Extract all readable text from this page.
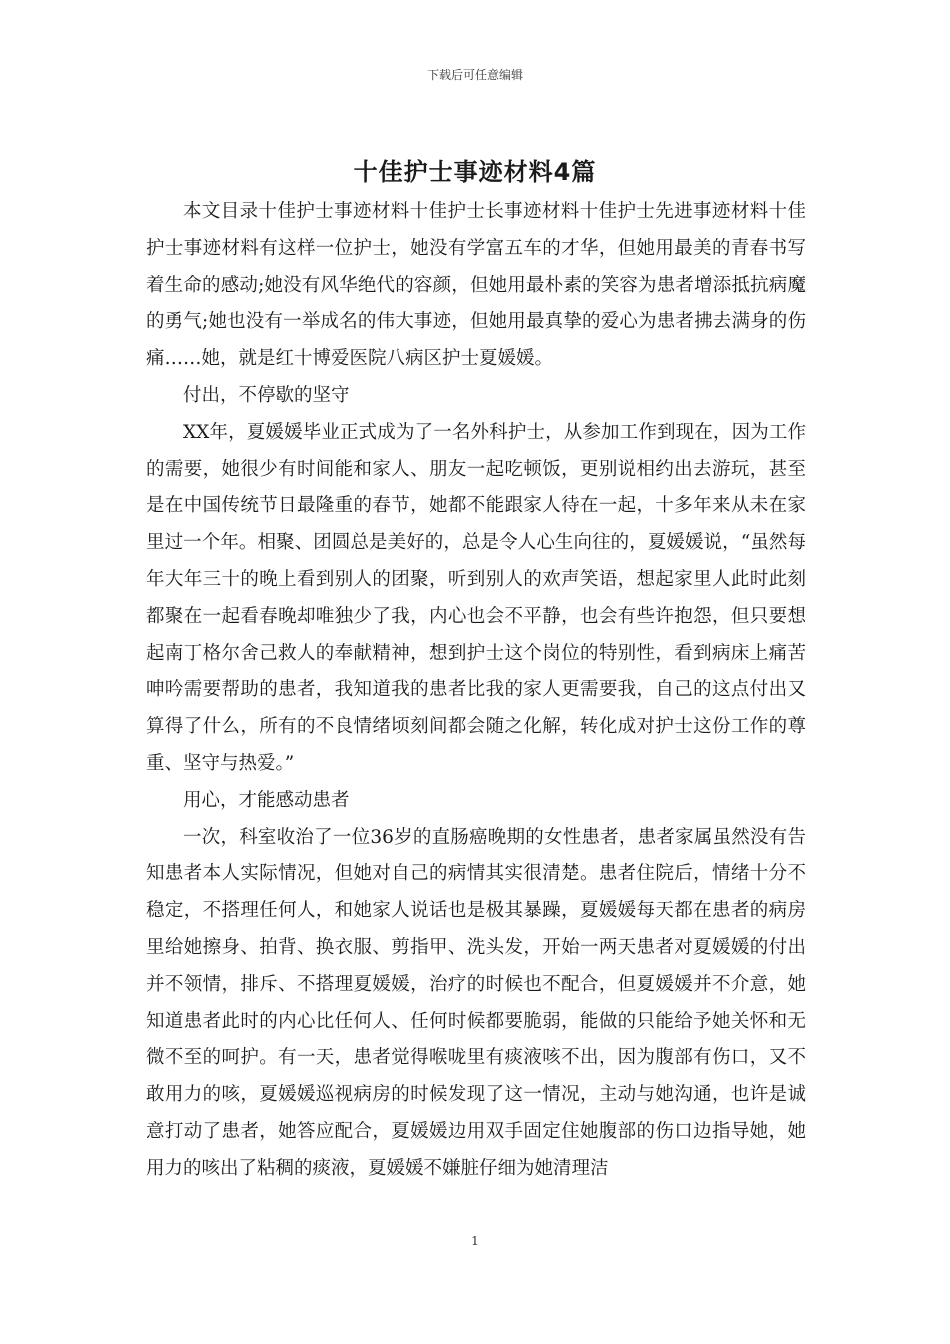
下载后可任意编辑
十佳护士事迹材料4篇

本文目录十佳护士事迹材料十佳护士长事迹材料十佳护士先进事迹材料十佳护士事迹材料有这样一位护士，她没有学富五车的才华，但她用最美的青春书写着生命的感动;她没有风华绝代的容颜，但她用最朴素的笑容为患者增添抵抗病魔的勇气;她也没有一举成名的伟大事迹，但她用最真挚的爱心为患者拂去满身的伤痛……她，就是红十博爱医院八病区护士夏媛媛。

付出，不停歇的坚守

XX年，夏媛媛毕业正式成为了一名外科护士，从参加工作到现在，因为工作的需要，她很少有时间能和家人、朋友一起吃顿饭，更别说相约出去游玩，甚至是在中国传统节日最隆重的春节，她都不能跟家人待在一起，十多年来从未在家里过一个年。相聚、团圆总是美好的，总是令人心生向往的，夏媛媛说，“虽然每年大年三十的晚上看到别人的团聚，听到别人的欢声笑语，想起家里人此时此刻都聚在一起看春晚却唯独少了我，内心也会不平静，也会有些许抱怨，但只要想起南丁格尔舍己救人的奉献精神，想到护士这个岗位的特别性，看到病床上痛苦呻吟需要帮助的患者，我知道我的患者比我的家人更需要我，自己的这点付出又算得了什么，所有的不良情绪顷刻间都会随之化解，转化成对护士这份工作的尊重、坚守与热爱。”

用心，才能感动患者

一次，科室收治了一位36岁的直肠癌晚期的女性患者，患者家属虽然没有告知患者本人实际情况，但她对自己的病情其实很清楚。患者住院后，情绪十分不稳定，不搭理任何人，和她家人说话也是极其暴躁，夏媛媛每天都在患者的病房里给她擦身、拍背、换衣服、剪指甲、洗头发，开始一两天患者对夏媛媛的付出并不领情，排斥、不搭理夏媛媛，治疗的时候也不配合，但夏媛媛并不介意，她知道患者此时的内心比任何人、任何时候都要脆弱，能做的只能给予她关怀和无微不至的呵护。有一天，患者觉得喉咙里有痰液咳不出，因为腹部有伤口，又不敢用力的咳，夏媛媛巡视病房的时候发现了这一情况，主动与她沟通，也许是诚意打动了患者，她答应配合，夏媛媛边用双手固定住她腹部的伤口边指导她，她用力的咳出了粘稠的痰液，夏媛媛不嫌脏仔细为她清理洁

1
